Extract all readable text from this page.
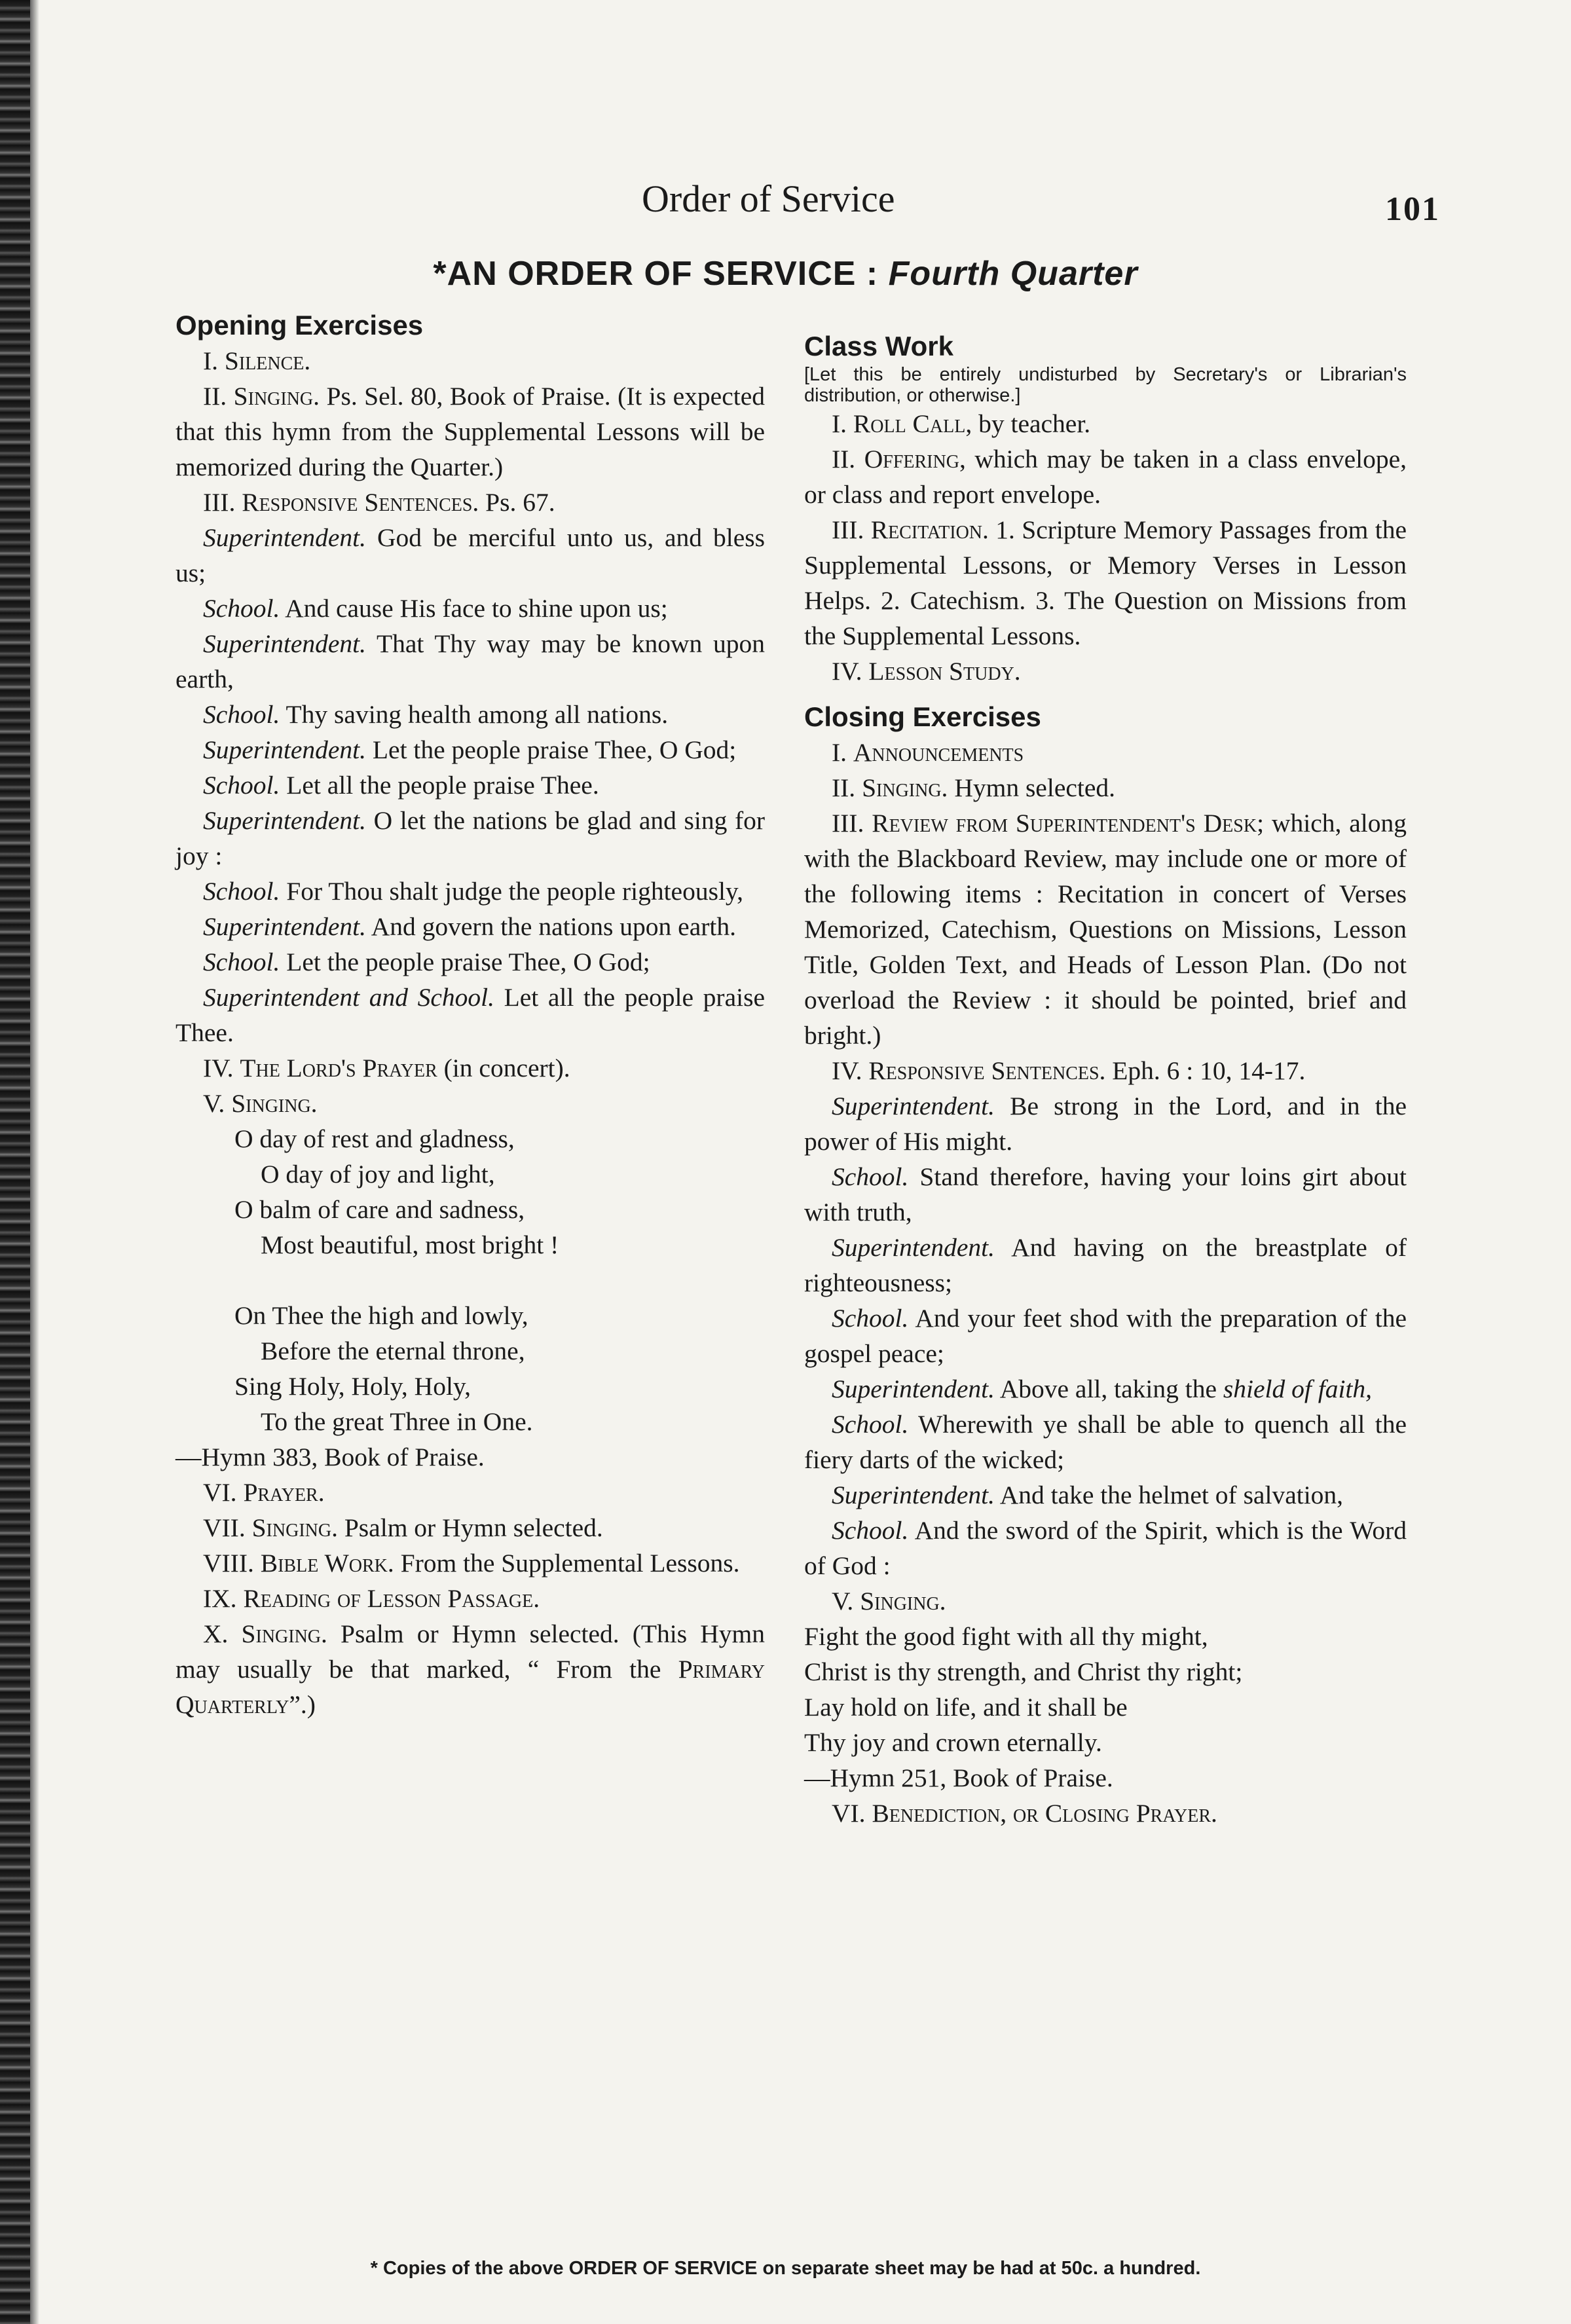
Order of Service	101
*AN ORDER OF SERVICE : Fourth Quarter

Opening Exercises

I. Silence.

II. Singing. Ps. Sel. 80, Book of Praise. (It is expected that this hymn from the Supplemental Lessons will be memorized during the Quarter.)

III. Responsive Sentences. Ps. 67.

Superintendent. God be merciful unto us, and bless us;

School. And cause His face to shine upon us;

Superintendent. That Thy way may be known upon earth,

School. Thy saving health among all nations.

Superintendent. Let the people praise Thee, O God;

School. Let all the people praise Thee.

Superintendent. O let the nations be glad and sing for joy :

School. For Thou shalt judge the people righteously,

Superintendent. And govern the nations upon earth.

School. Let the people praise Thee, O God;

Superintendent and School. Let all the people praise Thee.

IV. The Lord's Prayer (in concert).

V. Singing.

O day of rest and gladness,

O day of joy and light,

O balm of care and sadness,

Most beautiful, most bright !

On Thee the high and lowly,

Before the eternal throne,

Sing Holy, Holy, Holy,

To the great Three in One.

—Hymn 383, Book of Praise.

VI. Prayer.

VII. Singing. Psalm or Hymn selected.

VIII. Bible Work. From the Supplemental Lessons.

IX. Reading of Lesson Passage.

X. Singing. Psalm or Hymn selected. (This Hymn may usually be that marked, “ From the Primary Quarterly”.)

Class Work

[Let this be entirely undisturbed by Secretary's or Librarian's distribution, or otherwise.]

I. Roll Call, by teacher.

II. Offering, which may be taken in a class envelope, or class and report envelope.

III. Recitation. 1. Scripture Memory Passages from the Supplemental Lessons, or Memory Verses in Lesson Helps. 2. Catechism. 3. The Question on Missions from the Supplemental Lessons.

IV. Lesson Study.

Closing Exercises

I. Announcements

II. Singing. Hymn selected.

III. Review from Superintendent's Desk; which, along with the Blackboard Review, may include one or more of the following items : Recitation in concert of Verses Memorized, Catechism, Questions on Missions, Lesson Title, Golden Text, and Heads of Lesson Plan. (Do not overload the Review : it should be pointed, brief and bright.)

IV. Responsive Sentences. Eph. 6 : 10, 14-17.

Superintendent. Be strong in the Lord, and in the power of His might.

School. Stand therefore, having your loins girt about with truth,

Superintendent. And having on the breastplate of righteousness;

School. And your feet shod with the preparation of the gospel peace;

Superintendent. Above all, taking the shield of faith,

School. Wherewith ye shall be able to quench all the fiery darts of the wicked;

Superintendent. And take the helmet of salvation,

School. And the sword of the Spirit, which is the Word of God :

V. Singing.

Fight the good fight with all thy might,

Christ is thy strength, and Christ thy right;

Lay hold on life, and it shall be

Thy joy and crown eternally.

—Hymn 251, Book of Praise.

VI. Benediction, or Closing Prayer.

* Copies of the above ORDER OF SERVICE on separate sheet may be had at 50c. a hundred.
